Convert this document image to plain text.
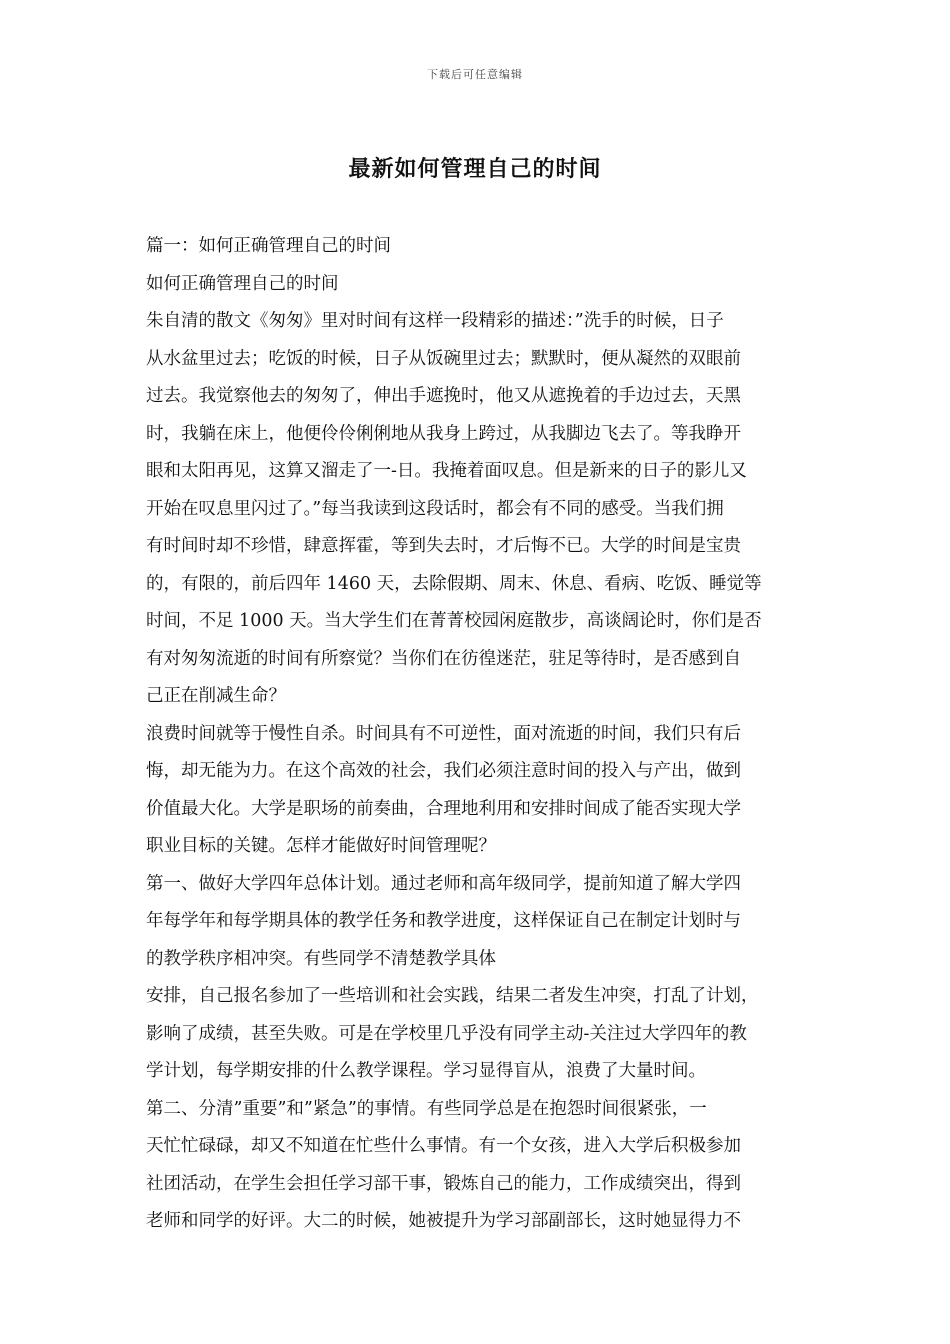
下载后可任意编辑
最新如何管理自己的时间
篇一：如何正确管理自己的时间
如何正确管理自己的时间
朱自清的散文《匆匆》里对时间有这样一段精彩的描述：”洗手的时候，日子
从水盆里过去；吃饭的时候，日子从饭碗里过去；默默时，便从凝然的双眼前
过去。我觉察他去的匆匆了，伸出手遮挽时，他又从遮挽着的手边过去，天黑
时，我躺在床上，他便伶伶俐俐地从我身上跨过，从我脚边飞去了。等我睁开
眼和太阳再见，这算又溜走了一-日。我掩着面叹息。但是新来的日子的影儿又
开始在叹息里闪过了。”每当我读到这段话时，都会有不同的感受。当我们拥
有时间时却不珍惜，肆意挥霍，等到失去时，才后悔不已。大学的时间是宝贵
的，有限的，前后四年 1460 天，去除假期、周末、休息、看病、吃饭、睡觉等
时间，不足 1000 天。当大学生们在菁菁校园闲庭散步，高谈阔论时，你们是否
有对匆匆流逝的时间有所察觉？当你们在彷徨迷茫，驻足等待时，是否感到自
己正在削减生命？
浪费时间就等于慢性自杀。时间具有不可逆性，面对流逝的时间，我们只有后
悔，却无能为力。在这个高效的社会，我们必须注意时间的投入与产出，做到
价值最大化。大学是职场的前奏曲，合理地利用和安排时间成了能否实现大学
职业目标的关键。怎样才能做好时间管理呢？
第一、做好大学四年总体计划。通过老师和高年级同学，提前知道了解大学四
年每学年和每学期具体的教学任务和教学进度，这样保证自己在制定计划时与
的教学秩序相冲突。有些同学不清楚教学具体
安排，自己报名参加了一些培训和社会实践，结果二者发生冲突，打乱了计划，
影响了成绩，甚至失败。可是在学校里几乎没有同学主动-关注过大学四年的教
学计划，每学期安排的什么教学课程。学习显得盲从，浪费了大量时间。
第二、分清”重要”和”紧急”的事情。有些同学总是在抱怨时间很紧张，一
天忙忙碌碌，却又不知道在忙些什么事情。有一个女孩，进入大学后积极参加
社团活动，在学生会担任学习部干事，锻炼自己的能力，工作成绩突出，得到
老师和同学的好评。大二的时候，她被提升为学习部副部长，这时她显得力不
